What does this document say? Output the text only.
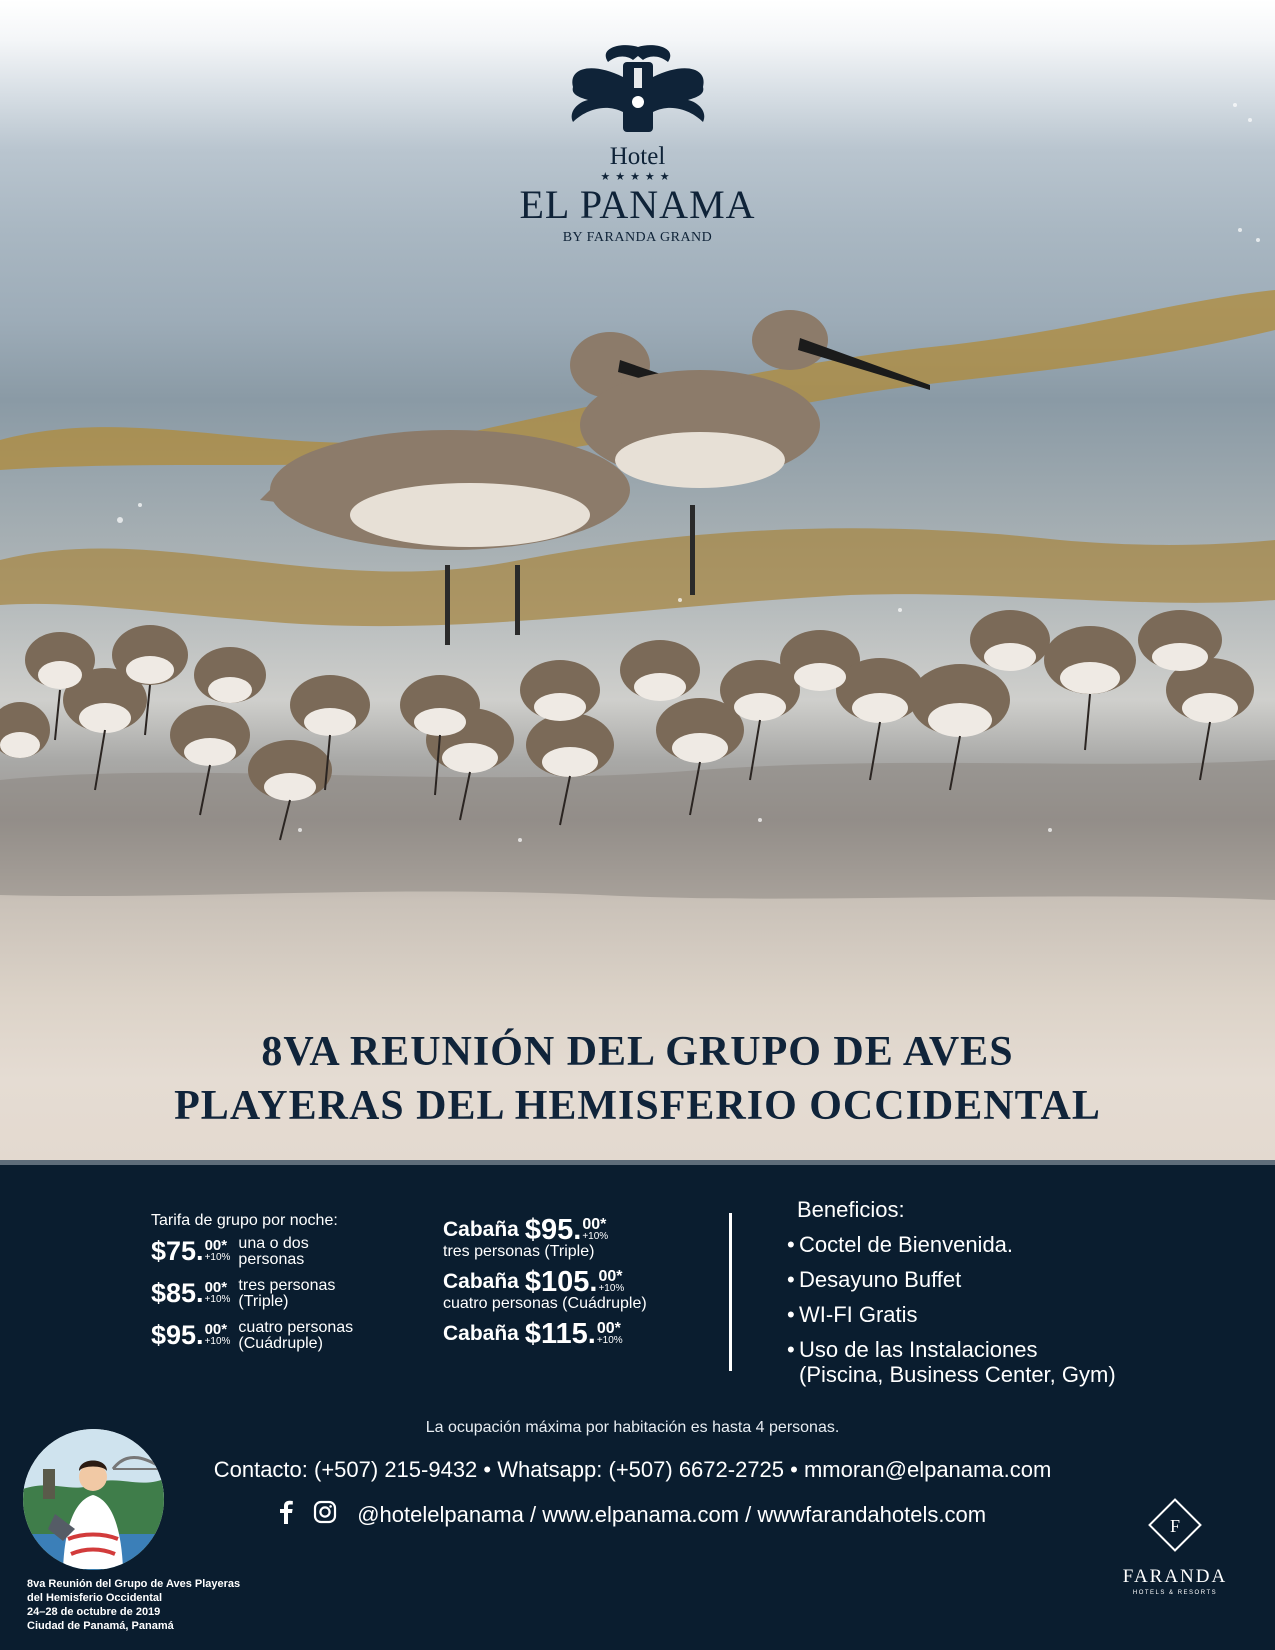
Hotel
★★★★★
EL PANAMA
BY FARANDA GRAND
8VA REUNIÓN DEL GRUPO DE AVES
PLAYERAS DEL HEMISFERIO OCCIDENTAL
Tarifa de grupo por noche:
$75. 00*
+10%
una o dos
personas
$85. 00*
+10%
tres personas
(Triple)
$95. 00*
+10%
cuatro personas
(Cuádruple)
Cabaña $95. 00*
+10%
tres personas (Triple)
Cabaña $105. 00*
+10%
cuatro personas (Cuádruple)
Cabaña $115. 00*
+10%
Beneficios:
• Coctel de Bienvenida.
• Desayuno Buffet
• WI-FI Gratis
• Uso de las Instalaciones
(Piscina, Business Center, Gym)
La ocupación máxima por habitación es hasta 4 personas.
Contacto: (+507) 215-9432 • Whatsapp: (+507) 6672-2725 • mmoran@elpanama.com
@hotelelpanama / www.elpanama.com / wwwfarandahotels.com
8va Reunión del Grupo de Aves Playeras
del Hemisferio Occidental
24–28 de octubre de 2019
Ciudad de Panamá, Panamá
F
FARANDA
HOTELS & RESORTS
